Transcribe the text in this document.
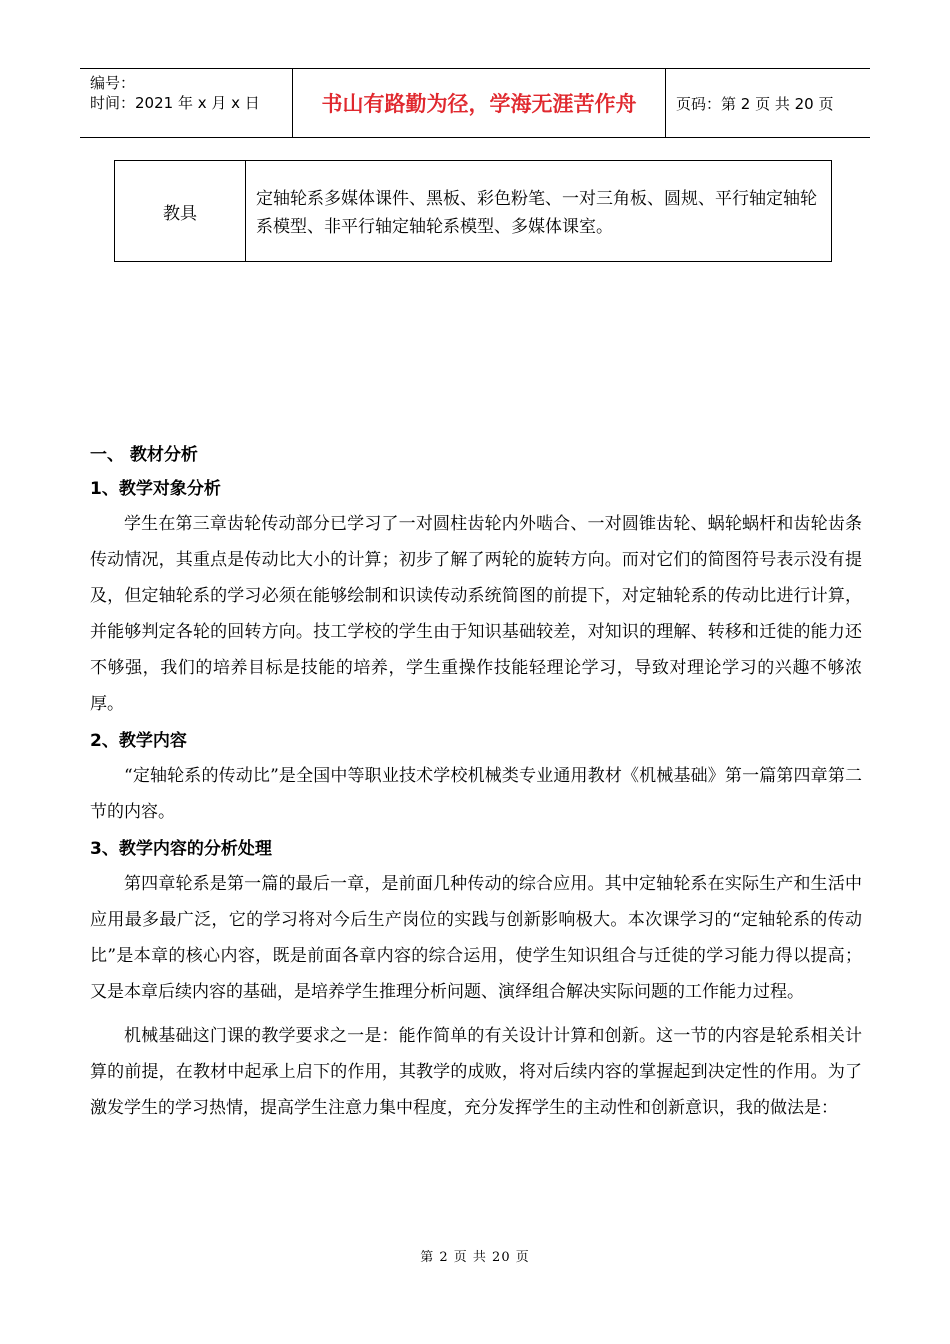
编号：
时间：2021 年 x 月 x 日	书山有路勤为径，学海无涯苦作舟	页码：第 2 页 共 20 页
教具
定轴轮系多媒体课件、黑板、彩色粉笔、一对三角板、圆规、平行轴定轴轮系模型、非平行轴定轴轮系模型、多媒体课室。
一、 教材分析
1、教学对象分析

学生在第三章齿轮传动部分已学习了一对圆柱齿轮内外啮合、一对圆锥齿轮、蜗轮蜗杆和齿轮齿条传动情况，其重点是传动比大小的计算；初步了解了两轮的旋转方向。而对它们的简图符号表示没有提及，但定轴轮系的学习必须在能够绘制和识读传动系统简图的前提下，对定轴轮系的传动比进行计算，并能够判定各轮的回转方向。技工学校的学生由于知识基础较差，对知识的理解、转移和迁徙的能力还不够强，我们的培养目标是技能的培养，学生重操作技能轻理论学习，导致对理论学习的兴趣不够浓厚。

2、教学内容

“定轴轮系的传动比”是全国中等职业技术学校机械类专业通用教材《机械基础》第一篇第四章第二节的内容。

3、教学内容的分析处理

第四章轮系是第一篇的最后一章，是前面几种传动的综合应用。其中定轴轮系在实际生产和生活中应用最多最广泛，它的学习将对今后生产岗位的实践与创新影响极大。本次课学习的“定轴轮系的传动比”是本章的核心内容，既是前面各章内容的综合运用，使学生知识组合与迁徙的学习能力得以提高；又是本章后续内容的基础，是培养学生推理分析问题、演绎组合解决实际问题的工作能力过程。

机械基础这门课的教学要求之一是：能作简单的有关设计计算和创新。这一节的内容是轮系相关计算的前提，在教材中起承上启下的作用，其教学的成败，将对后续内容的掌握起到决定性的作用。为了激发学生的学习热情，提高学生注意力集中程度，充分发挥学生的主动性和创新意识，我的做法是：

第 2 页 共 20 页
